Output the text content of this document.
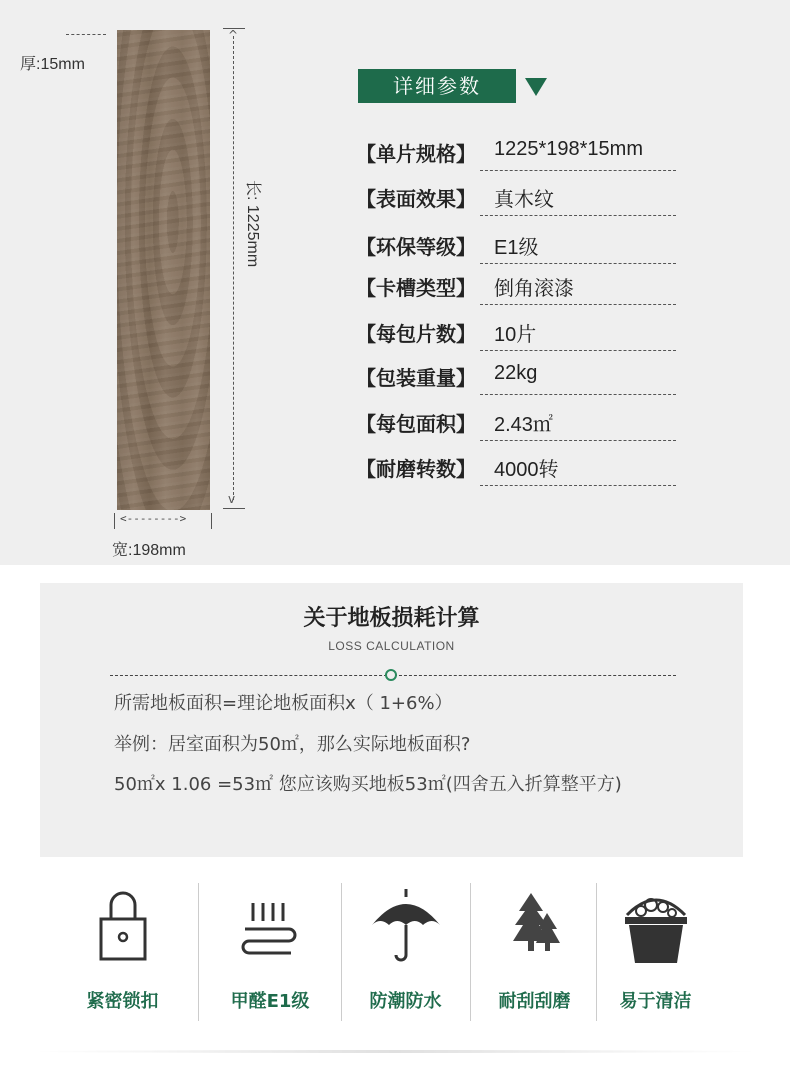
厚:15mm
^
v
长: 1225mm
<-------->
宽:198mm
详细参数
【单片规格】 1225*198*15mm
【表面效果】 真木纹
【环保等级】 E1级
【卡槽类型】 倒角滚漆
【每包片数】 10片
【包装重量】 22kg
【每包面积】 2.43㎡
【耐磨转数】 4000转
关于地板损耗计算
LOSS CALCULATION
所需地板面积=理论地板面积x（ 1+6%）
举例：居室面积为50㎡，那么实际地板面积?
50㎡x 1.06 =53㎡ 您应该购买地板53㎡(四舍五入折算整平方)
紧密锁扣	甲醛E1级	防潮防水	耐刮刮磨	易于清洁
